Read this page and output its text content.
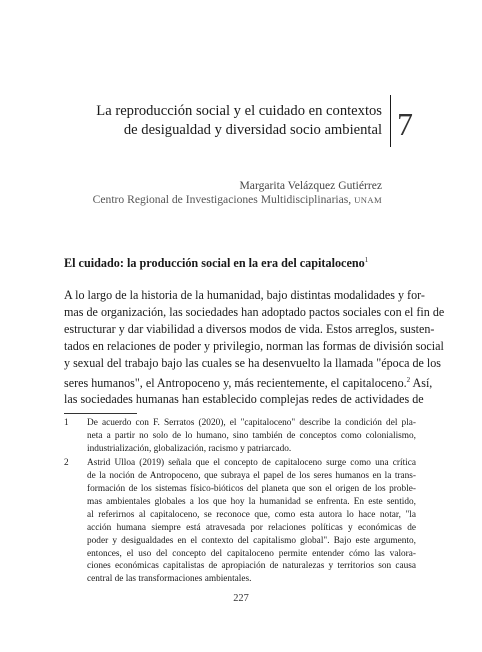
La reproducción social y el cuidado en contextos
de desigualdad y diversidad socio ambiental 7
Margarita Velázquez Gutiérrez
Centro Regional de Investigaciones Multidisciplinarias, UNAM
El cuidado: la producción social en la era del capitaloceno$^1$
A lo largo de la historia de la humanidad, bajo distintas modalidades y for-
mas de organización, las sociedades han adoptado pactos sociales con el fin de
estructurar y dar viabilidad a diversos modos de vida. Estos arreglos, susten-
tados en relaciones de poder y privilegio, norman las formas de división social
y sexual del trabajo bajo las cuales se ha desenvuelto la llamada "época de los
seres humanos", el Antropoceno y, más recientemente, el capitaloceno.$^2$ Así,
las sociedades humanas han establecido complejas redes de actividades de
1 De acuerdo con F. Serratos (2020), el "capitaloceno" describe la condición del pla-
neta a partir no solo de lo humano, sino también de conceptos como colonialismo,
industrialización, globalización, racismo y patriarcado.
2 Astrid Ulloa (2019) señala que el concepto de capitaloceno surge como una crítica
de la noción de Antropoceno, que subraya el papel de los seres humanos en la trans-
formación de los sistemas físico-bióticos del planeta que son el origen de los proble-
mas ambientales globales a los que hoy la humanidad se enfrenta. En este sentido,
al referirnos al capitaloceno, se reconoce que, como esta autora lo hace notar, "la
acción humana siempre está atravesada por relaciones políticas y económicas de
poder y desigualdades en el contexto del capitalismo global". Bajo este argumento,
entonces, el uso del concepto del capitaloceno permite entender cómo las valora-
ciones económicas capitalistas de apropiación de naturalezas y territorios son causa
central de las transformaciones ambientales.
227
